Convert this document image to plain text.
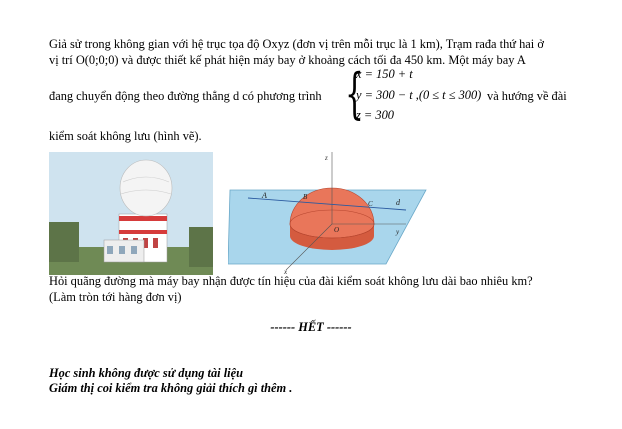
Giả sử trong không gian với hệ trục tọa độ Oxyz (đơn vị trên mỗi trục là 1 km), Trạm rađa thứ hai ở
vị trí O(0;0;0) và được thiết kế phát hiện máy bay ở khoảng cách tối đa 450 km. Một máy bay A
đang chuyển động theo đường thẳng d có phương trình {
x = 150 + t
y = 300 − t ,(0 ≤ t ≤ 300)
z = 300
và hướng về đài
kiểm soát không lưu (hình vẽ).
z
A	B
C	d
O	y
x
Hỏi quãng đường mà máy bay nhận được tín hiệu của đài kiểm soát không lưu dài bao nhiêu km?
(Làm tròn tới hàng đơn vị)
------ HẾT ------
Học sinh không được sử dụng tài liệu
Giám thị coi kiểm tra không giải thích gì thêm .
